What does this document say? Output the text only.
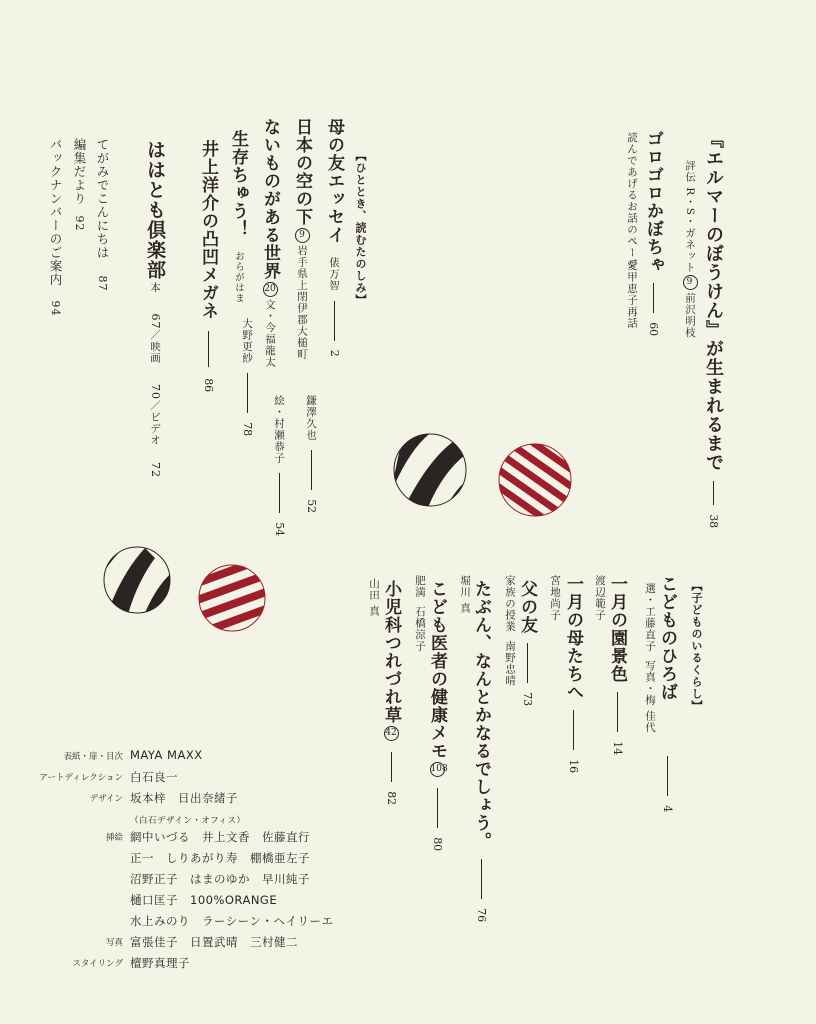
『エルマーのぼうけん』が生まれるまで  38
評伝 R・S・ガネット9前沢明枝
ゴロゴロかぼちゃ  60
読んであげるお話のページ
愛甲恵子再話
【ひととき、読むたのしみ】
母の友エッセイ 俵万智  2
日本の空の下9岩手県上閉伊郡大槌町
鎌澤久也  52
ないものがある世界20文・今福龍太
絵・村瀬恭子  54
生存ちゅう！ おらがはま
大野更紗  78
井上洋介の凸凹メガネ  86
ははとも倶楽部
本67／映画70／ビデオ72
てがみでこんにちは87
編集だより92
バックナンバーのご案内94
【子どものいるくらし】
こどものひろば  4
選・工藤直子写真・梅 佳代
一月の園景色  14
渡辺範子
一月の母たちへ  16
宮地尚子
父の友  73
家族の授業南野忠晴
たぶん、なんとかなるでしょう。  76
堀川 真
こども医者の健康メモ108  80
肥満石橋涼子
小児科つれづれ草42  82
山田 真
表紙・扉・目次 MAYA MAXX
アートディレクション 白石良一
デザイン 坂本梓　日出奈緒子
（白石デザイン・オフィス）
挿絵 網中いづる　井上文香　佐藤直行
正一　しりあがり寿　棚橋亜左子
沼野正子　はまのゆか　早川純子
樋口匡子　100%ORANGE
水上みのり　ラーシーン・ヘイリーエ
写真 富張佳子　日置武晴　三村健二
スタイリング 檀野真理子
